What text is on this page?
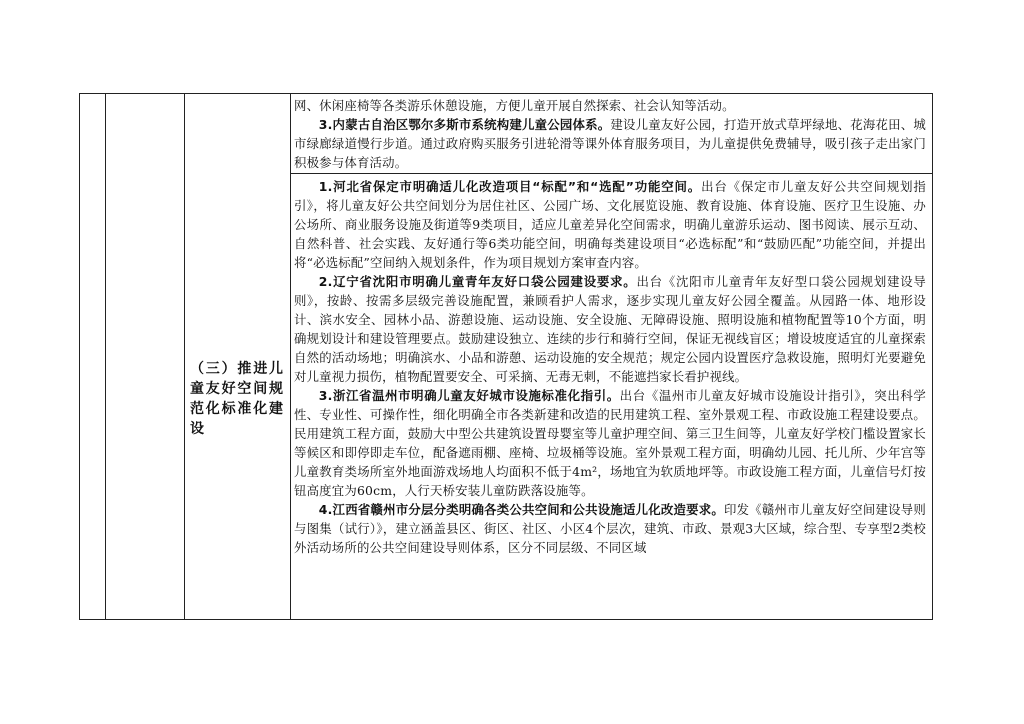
（三）推进儿童友好空间规范化标准化建设

网、休闲座椅等各类游乐休憩设施，方便儿童开展自然探索、社会认知等活动。

3.内蒙古自治区鄂尔多斯市系统构建儿童公园体系。建设儿童友好公园，打造开放式草坪绿地、花海花田、城市绿廊绿道慢行步道。通过政府购买服务引进轮滑等课外体育服务项目，为儿童提供免费辅导，吸引孩子走出家门积极参与体育活动。

1.河北省保定市明确适儿化改造项目“标配”和“选配”功能空间。出台《保定市儿童友好公共空间规划指引》，将儿童友好公共空间划分为居住社区、公园广场、文化展览设施、教育设施、体育设施、医疗卫生设施、办公场所、商业服务设施及街道等9类项目，适应儿童差异化空间需求，明确儿童游乐运动、图书阅读、展示互动、自然科普、社会实践、友好通行等6类功能空间，明确每类建设项目“必选标配”和“鼓励匹配”功能空间，并提出将“必选标配”空间纳入规划条件，作为项目规划方案审查内容。

2.辽宁省沈阳市明确儿童青年友好口袋公园建设要求。出台《沈阳市儿童青年友好型口袋公园规划建设导则》，按龄、按需多层级完善设施配置，兼顾看护人需求，逐步实现儿童友好公园全覆盖。从园路一体、地形设计、滨水安全、园林小品、游憩设施、运动设施、安全设施、无障碍设施、照明设施和植物配置等10个方面，明确规划设计和建设管理要点。鼓励建设独立、连续的步行和骑行空间，保证无视线盲区；增设坡度适宜的儿童探索自然的活动场地；明确滨水、小品和游憩、运动设施的安全规范；规定公园内设置医疗急救设施，照明灯光要避免对儿童视力损伤，植物配置要安全、可采摘、无毒无刺，不能遮挡家长看护视线。

3.浙江省温州市明确儿童友好城市设施标准化指引。出台《温州市儿童友好城市设施设计指引》，突出科学性、专业性、可操作性，细化明确全市各类新建和改造的民用建筑工程、室外景观工程、市政设施工程建设要点。民用建筑工程方面，鼓励大中型公共建筑设置母婴室等儿童护理空间、第三卫生间等，儿童友好学校门槛设置家长等候区和即停即走车位，配备遮雨棚、座椅、垃圾桶等设施。室外景观工程方面，明确幼儿园、托儿所、少年宫等儿童教育类场所室外地面游戏场地人均面积不低于4m²，场地宜为软质地坪等。市政设施工程方面，儿童信号灯按钮高度宜为60cm，人行天桥安装儿童防跌落设施等。

4.江西省赣州市分层分类明确各类公共空间和公共设施适儿化改造要求。印发《赣州市儿童友好空间建设导则与图集（试行）》，建立涵盖县区、街区、社区、小区4个层次，建筑、市政、景观3大区域，综合型、专享型2类校外活动场所的公共空间建设导则体系，区分不同层级、不同区域
